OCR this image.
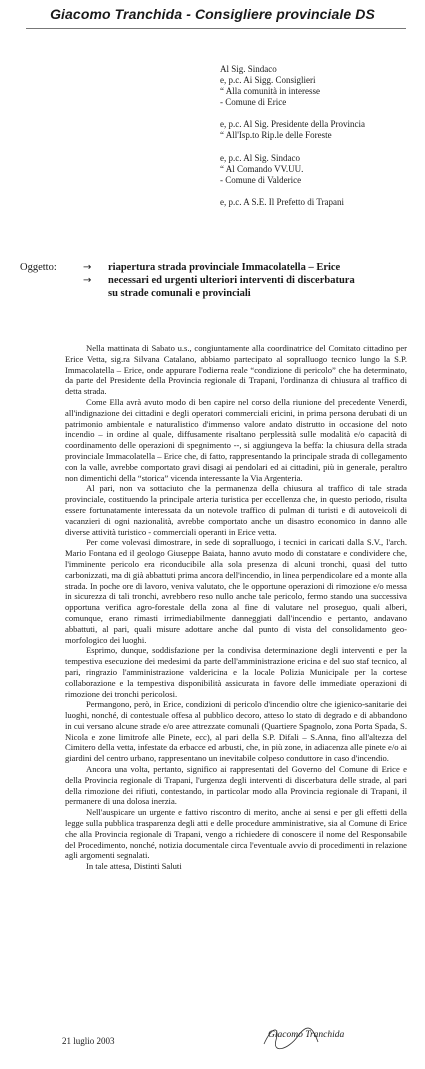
Giacomo Tranchida - Consigliere provinciale DS
Al Sig. Sindaco
e, p.c. Ai Sigg. Consiglieri
“ Alla comunità in interesse
- Comune di Erice
e, p.c. Al Sig. Presidente della Provincia
“ All'Isp.to Rip.le delle Foreste
e, p.c. Al Sig. Sindaco
“ Al Comando VV.UU.
- Comune di Valderice
e, p.c. A S.E. Il Prefetto di Trapani
Oggetto:	→ riapertura strada provinciale Immacolatella – Erice
→ necessari ed urgenti ulteriori interventi di discerbatura
su strade comunali e provinciali

Nella mattinata di Sabato u.s., congiuntamente alla coordinatrice del Comitato cittadino per Erice Vetta, sig.ra Silvana Catalano, abbiamo partecipato al sopralluogo tecnico lungo la S.P. Immacolatella – Erice, onde appurare l'odierna reale “condizione di pericolo” che ha determinato, da parte del Presidente della Provincia regionale di Trapani, l'ordinanza di chiusura al traffico di detta strada.

Come Ella avrà avuto modo di ben capire nel corso della riunione del precedente Venerdì, all'indignazione dei cittadini e degli operatori commerciali ericini, in prima persona derubati di un patrimonio ambientale e naturalistico d'immenso valore andato distrutto in occasione del noto incendio – in ordine al quale, diffusamente risaltano perplessità sulle modalità e/o capacità di coordinamento delle operazioni di spegnimento --, si aggiungeva la beffa: la chiusura della strada provinciale Immacolatella – Erice che, di fatto, rappresentando la principale strada di collegamento con la valle, avrebbe comportato gravi disagi ai pendolari ed ai cittadini, più in generale, peraltro non dimentichi della “storica” vicenda interessante la Via Argenteria.

Al pari, non va sottaciuto che la permanenza della chiusura al traffico di tale strada provinciale, costituendo la principale arteria turistica per eccellenza che, in questo periodo, risulta essere fortunatamente interessata da un notevole traffico di pulman di turisti e di autoveicoli di vacanzieri di ogni nazionalità, avrebbe comportato anche un disastro economico in danno alle diverse attività turistico - commerciali operanti in Erice vetta.

Per come volevasi dimostrare, in sede di sopralluogo, i tecnici in caricati dalla S.V., l'arch. Mario Fontana ed il geologo Giuseppe Baiata, hanno avuto modo di constatare e condividere che, l'imminente pericolo era riconducibile alla sola presenza di alcuni tronchi, quasi del tutto carbonizzati, ma di già abbattuti prima ancora dell'incendio, in linea perpendicolare ed a monte alla strada. In poche ore di lavoro, veniva valutato, che le opportune operazioni di rimozione e/o messa in sicurezza di tali tronchi, avrebbero reso nullo anche tale pericolo, fermo stando una successiva opportuna verifica agro-forestale della zona al fine di valutare nel proseguo, quali alberi, comunque, erano rimasti irrimediabilmente danneggiati dall'incendio e pertanto, andavano abbattuti, al pari, quali misure adottare anche dal punto di vista del consolidamento geo-morfologico dei luoghi.

Esprimo, dunque, soddisfazione per la condivisa determinazione degli interventi e per la tempestiva esecuzione dei medesimi da parte dell'amministrazione ericina e del suo staf tecnico, al pari, ringrazio l'amministrazione valdericina e la locale Polizia Municipale per la cortese collaborazione e la tempestiva disponibilità assicurata in favore delle immediate operazioni di rimozione dei tronchi pericolosi.

Permangono, però, in Erice, condizioni di pericolo d'incendio oltre che igienico-sanitarie dei luoghi, nonché, di contestuale offesa al pubblico decoro, atteso lo stato di degrado e di abbandono in cui versano alcune strade e/o aree attrezzate comunali (Quartiere Spagnolo, zona Porta Spada, S. Nicola e zone limitrofe alle Pinete, ecc), al pari della S.P. Difali – S.Anna, fino all'altezza del Cimitero della vetta, infestate da erbacce ed arbusti, che, in più zone, in adiacenza alle pinete e/o ai giardini del centro urbano, rappresentano un inevitabile colpeso conduttore in caso d'incendio.

Ancora una volta, pertanto, significo ai rappresentati del Governo del Comune di Erice e della Provincia regionale di Trapani, l'urgenza degli interventi di discerbatura delle strade, al pari della rimozione dei rifiuti, contestando, in particolar modo alla Provincia regionale di Trapani, il permanere di una dolosa inerzia.

Nell'auspicare un urgente e fattivo riscontro di merito, anche ai sensi e per gli effetti della legge sulla pubblica trasparenza degli atti e delle procedure amministrative, sia al Comune di Erice che alla Provincia regionale di Trapani, vengo a richiedere di conoscere il nome del Responsabile del Procedimento, nonché, notizia documentale circa l'eventuale avvio di procedimenti in relazione agli argomenti segnalati.

In tale attesa, Distinti Saluti

21 luglio 2003
Giacomo Tranchida
